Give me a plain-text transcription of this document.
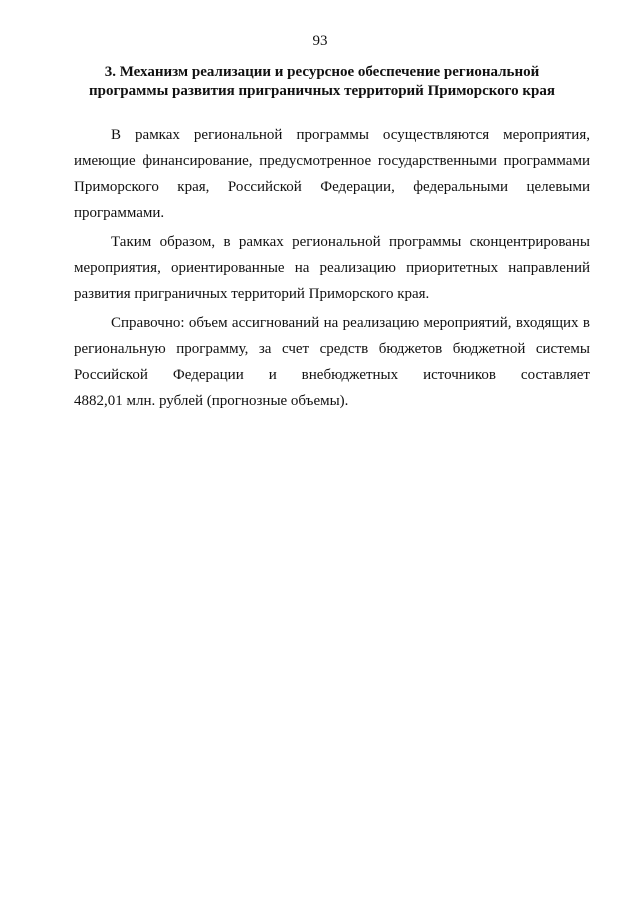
93
3. Механизм реализации и ресурсное обеспечение региональной
программы развития приграничных территорий Приморского края

В рамках региональной программы осуществляются мероприятия,
имеющие финансирование, предусмотренное государственными программами
Приморского края, Российской Федерации, федеральными целевыми
программами.

Таким образом, в рамках региональной программы сконцентрированы
мероприятия, ориентированные на реализацию приоритетных направлений
развития приграничных территорий Приморского края.

Справочно: объем ассигнований на реализацию мероприятий, входящих в
региональную программу, за счет средств бюджетов бюджетной системы
Российской Федерации и внебюджетных источников составляет
4882,01 млн. рублей (прогнозные объемы).
